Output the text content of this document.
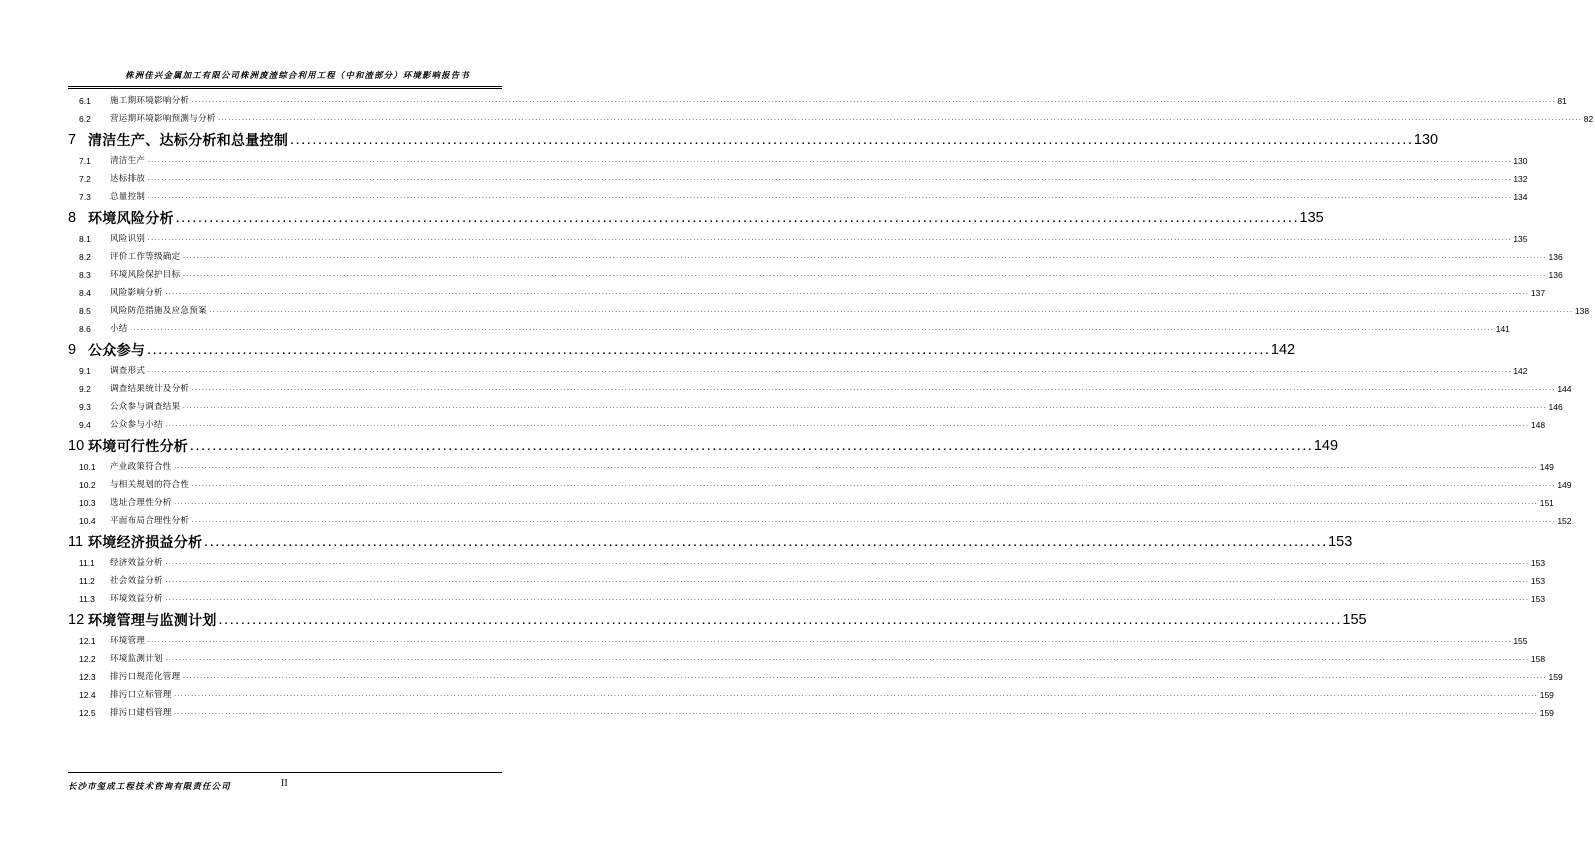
株洲佳兴金属加工有限公司株洲废渣综合利用工程（中和渣部分）环境影响报告书
6.1	施工期环境影响分析 ................................................................................................................................................................................................................................................................................................................................................................................................................ 81
6.2	营运期环境影响预测与分析 ................................................................................................................................................................................................................................................................................................................................................................................................................ 82
7 清洁生产、达标分析和总量控制 ........................................................................................................................................................................................................ 130
7.1	清洁生产 ................................................................................................................................................................................................................................................................................................................................................................................................................ 130
7.2	达标排放 ................................................................................................................................................................................................................................................................................................................................................................................................................ 132
7.3	总量控制 ................................................................................................................................................................................................................................................................................................................................................................................................................ 134
8 环境风险分析 ........................................................................................................................................................................................................ 135
8.1	风险识别 ................................................................................................................................................................................................................................................................................................................................................................................................................ 135
8.2	评价工作等级确定 ................................................................................................................................................................................................................................................................................................................................................................................................................ 136
8.3	环境风险保护目标 ................................................................................................................................................................................................................................................................................................................................................................................................................ 136
8.4	风险影响分析 ................................................................................................................................................................................................................................................................................................................................................................................................................ 137
8.5	风险防范措施及应急预案 ................................................................................................................................................................................................................................................................................................................................................................................................................ 138
8.6	小结 ................................................................................................................................................................................................................................................................................................................................................................................................................ 141
9 公众参与 ........................................................................................................................................................................................................ 142
9.1	调查形式 ................................................................................................................................................................................................................................................................................................................................................................................................................ 142
9.2	调查结果统计及分析 ................................................................................................................................................................................................................................................................................................................................................................................................................ 144
9.3	公众参与调查结果 ................................................................................................................................................................................................................................................................................................................................................................................................................ 146
9.4	公众参与小结 ................................................................................................................................................................................................................................................................................................................................................................................................................ 148
10 环境可行性分析 ........................................................................................................................................................................................................ 149
10.1	产业政策符合性 ................................................................................................................................................................................................................................................................................................................................................................................................................ 149
10.2	与相关规划的符合性 ................................................................................................................................................................................................................................................................................................................................................................................................................ 149
10.3	选址合理性分析 ................................................................................................................................................................................................................................................................................................................................................................................................................ 151
10.4	平面布局合理性分析 ................................................................................................................................................................................................................................................................................................................................................................................................................ 152
11 环境经济损益分析 ........................................................................................................................................................................................................ 153
11.1	经济效益分析 ................................................................................................................................................................................................................................................................................................................................................................................................................ 153
11.2	社会效益分析 ................................................................................................................................................................................................................................................................................................................................................................................................................ 153
11.3	环境效益分析 ................................................................................................................................................................................................................................................................................................................................................................................................................ 153
12 环境管理与监测计划 ........................................................................................................................................................................................................ 155
12.1	环境管理 ................................................................................................................................................................................................................................................................................................................................................................................................................ 155
12.2	环境监测计划 ................................................................................................................................................................................................................................................................................................................................................................................................................ 158
12.3	排污口规范化管理 ................................................................................................................................................................................................................................................................................................................................................................................................................ 159
12.4	排污口立标管理 ................................................................................................................................................................................................................................................................................................................................................................................................................ 159
12.5	排污口建档管理 ................................................................................................................................................................................................................................................................................................................................................................................................................ 159
长沙市玺成工程技术咨询有限责任公司	II
